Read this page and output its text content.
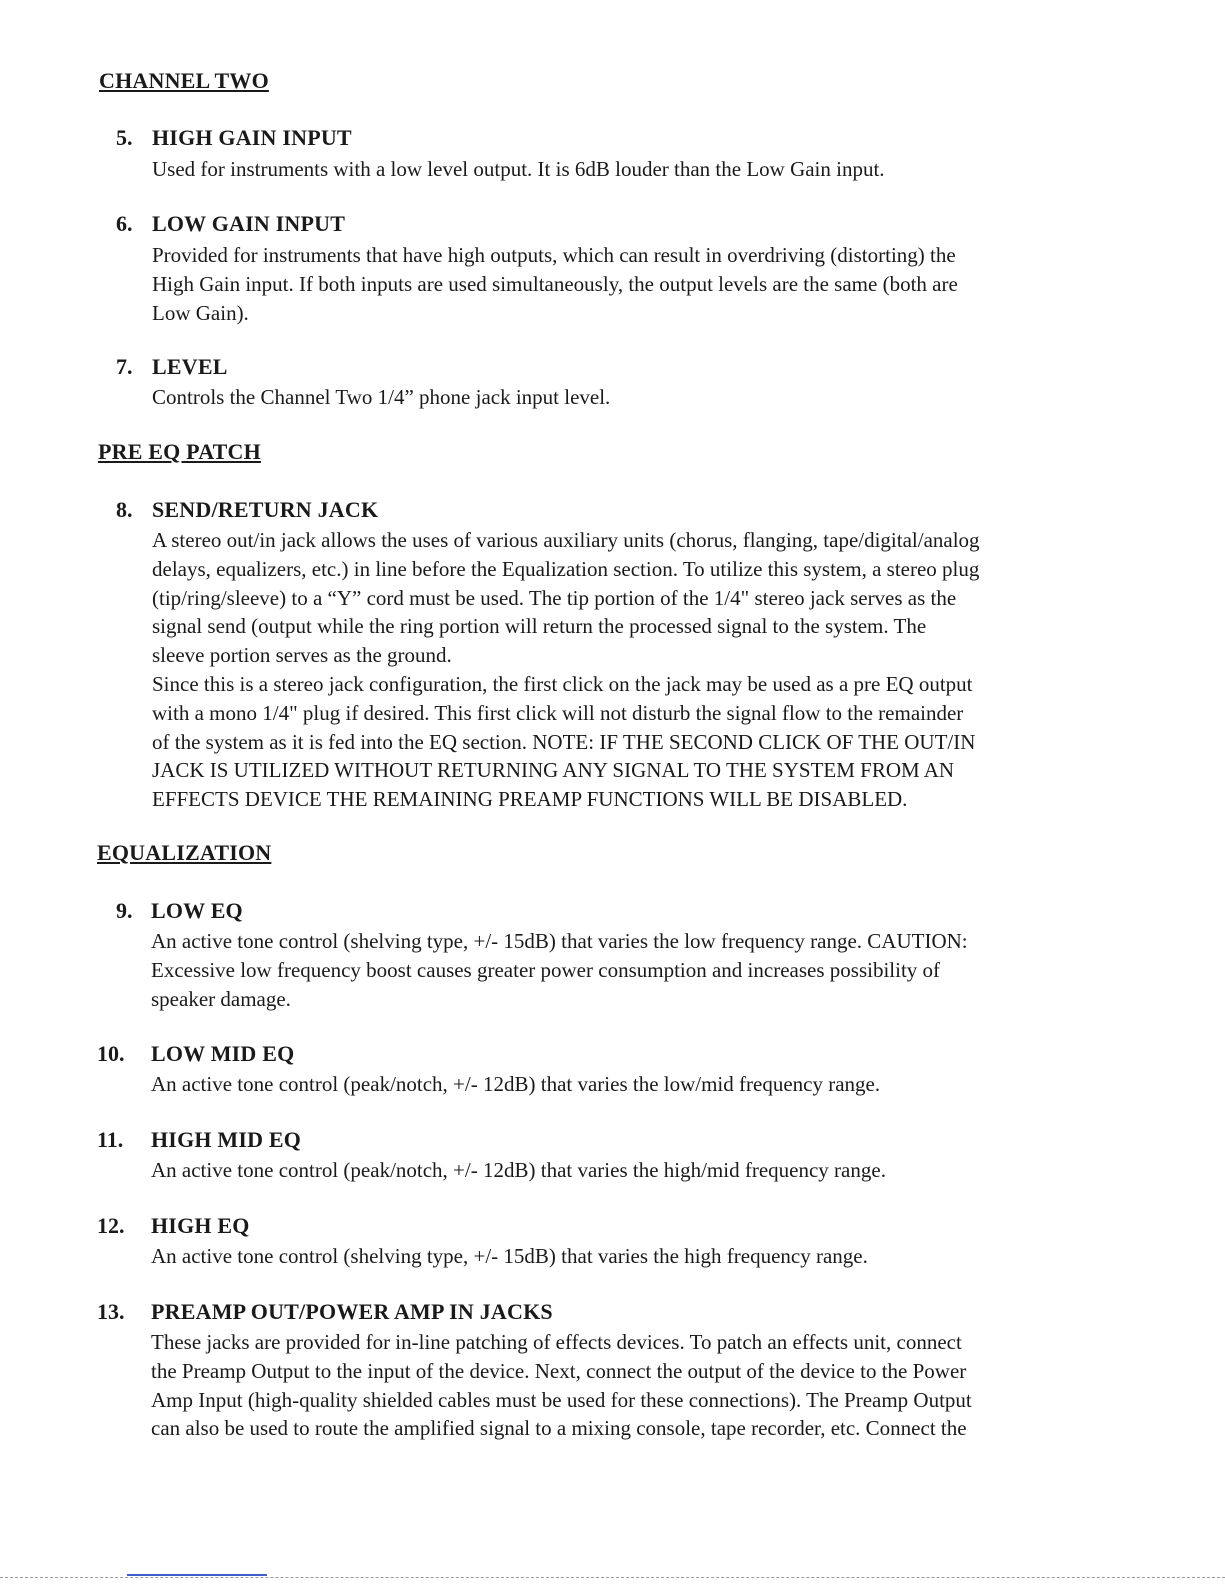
CHANNEL TWO
5. HIGH GAIN INPUT
Used for instruments with a low level output. It is 6dB louder than the Low Gain input.
6. LOW GAIN INPUT
Provided for instruments that have high outputs, which can result in overdriving (distorting) the
High Gain input. If both inputs are used simultaneously, the output levels are the same (both are
Low Gain).
7. LEVEL
Controls the Channel Two 1/4” phone jack input level.
PRE EQ PATCH
8. SEND/RETURN JACK
A stereo out/in jack allows the uses of various auxiliary units (chorus, flanging, tape/digital/analog
delays, equalizers, etc.) in line before the Equalization section. To utilize this system, a stereo plug
(tip/ring/sleeve) to a “Y” cord must be used. The tip portion of the 1/4" stereo jack serves as the
signal send (output while the ring portion will return the processed signal to the system. The
sleeve portion serves as the ground.
Since this is a stereo jack configuration, the first click on the jack may be used as a pre EQ output
with a mono 1/4" plug if desired. This first click will not disturb the signal flow to the remainder
of the system as it is fed into the EQ section. NOTE: IF THE SECOND CLICK OF THE OUT/IN
JACK IS UTILIZED WITHOUT RETURNING ANY SIGNAL TO THE SYSTEM FROM AN
EFFECTS DEVICE THE REMAINING PREAMP FUNCTIONS WILL BE DISABLED.
EQUALIZATION
9. LOW EQ
An active tone control (shelving type, +/- 15dB) that varies the low frequency range. CAUTION:
Excessive low frequency boost causes greater power consumption and increases possibility of
speaker damage.
10. LOW MID EQ
An active tone control (peak/notch, +/- 12dB) that varies the low/mid frequency range.
11. HIGH MID EQ
An active tone control (peak/notch, +/- 12dB) that varies the high/mid frequency range.
12. HIGH EQ
An active tone control (shelving type, +/- 15dB) that varies the high frequency range.
13. PREAMP OUT/POWER AMP IN JACKS
These jacks are provided for in-line patching of effects devices. To patch an effects unit, connect
the Preamp Output to the input of the device. Next, connect the output of the device to the Power
Amp Input (high-quality shielded cables must be used for these connections). The Preamp Output
can also be used to route the amplified signal to a mixing console, tape recorder, etc. Connect the
